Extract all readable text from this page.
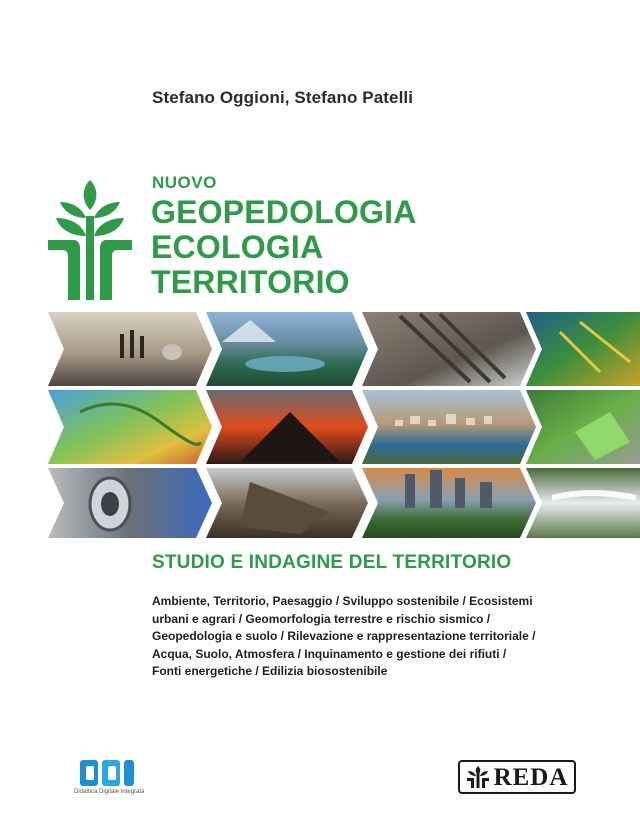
Stefano Oggioni, Stefano Patelli
NUOVO
GEOPEDOLOGIA
ECOLOGIA
TERRITORIO
STUDIO E INDAGINE DEL TERRITORIO
Ambiente, Territorio, Paesaggio / Sviluppo sostenibile / Ecosistemi
urbani e agrari / Geomorfologia terrestre e rischio sismico /
Geopedologia e suolo / Rilevazione e rappresentazione territoriale /
Acqua, Suolo, Atmosfera / Inquinamento e gestione dei rifiuti /
Fonti energetiche / Edilizia biosostenibile
Didattica Digitale Integrata
REDA
